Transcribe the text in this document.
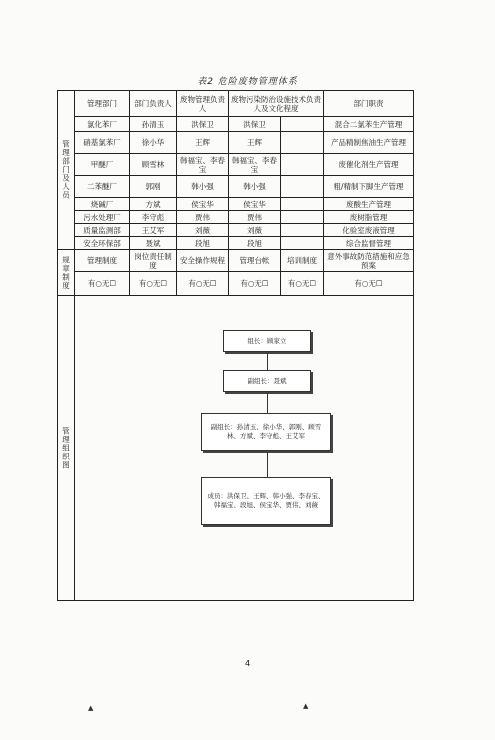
表2 危险废物管理体系
管理部门及人员	管理部门	部门负责人	废物管理负责人	废物污染防治设施技术负责人及文化程度		部门职责
	氯化苯厂	孙清玉	洪保卫	洪保卫		混合二氯苯生产管理
	硝基氯苯厂	徐小华	王辉	王辉		产品精制焦油生产管理
	甲醚厂	顾雪林	韩福宝、李春宝	韩福宝、李春宝		废催化剂生产管理
	二苯醚厂	郭刚	韩小强	韩小强		粗/精制下脚生产管理
	烧碱厂	方斌	侯宝华	侯宝华		废酸生产管理
	污水处理厂	李守彪	贾伟	贾伟		废树脂管理
	质量监测部	王艾军	刘薇	刘薇		化验室废液管理
	安全环保部	聂斌	段旭	段旭		综合监督管理
规章制度	管理制度	岗位责任制度	安全操作规程	管理台帐	培训制度	意外事故防范措施和应急预案
	有○无☐	有○无☐	有○无☐	有○无☐	有○无☐	有○无☐
管理组织图	组长：顾家立
副组长：聂斌
副组长：孙清玉、徐小华、郭刚、顾雪林、方斌、李守彪、王艾军
成员：洪保卫、王辉、韩小强、李春宝、韩福宝、段旭、侯宝华、贾伟、刘薇					
4
▲	▲
